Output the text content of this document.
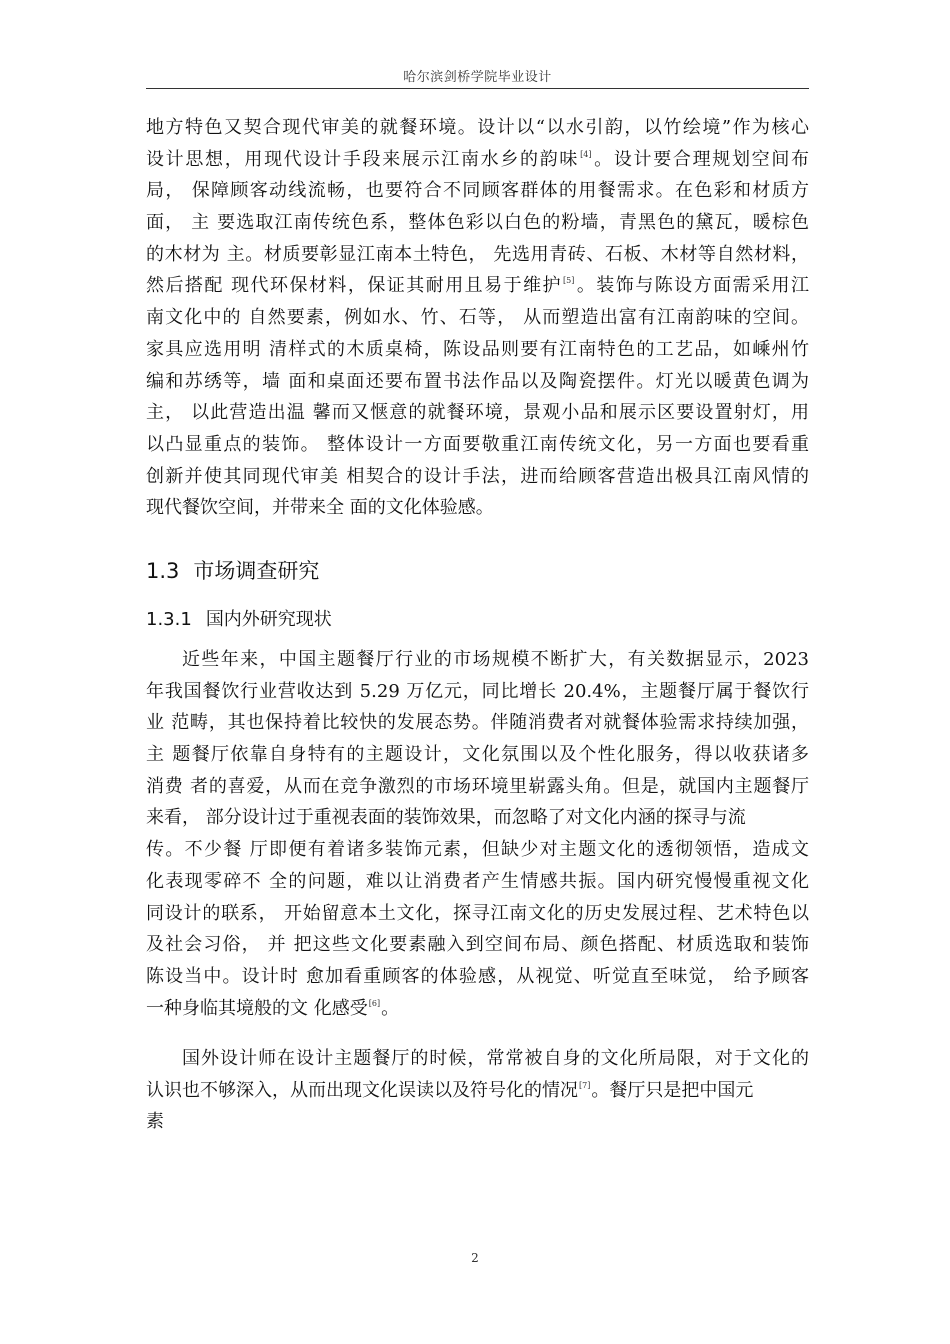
哈尔滨剑桥学院毕业设计
地方特色又契合现代审美的就餐环境。设计以“以水引韵，以竹绘境”作为核心
设计思想，用现代设计手段来展示江南水乡的韵味[4]。设计要合理规划空间布
局， 保障顾客动线流畅，也要符合不同顾客群体的用餐需求。在色彩和材质方
面， 主 要选取江南传统色系，整体色彩以白色的粉墙，青黑色的黛瓦，暖棕色
的木材为 主。材质要彰显江南本土特色， 先选用青砖、石板、木材等自然材料，
然后搭配 现代环保材料，保证其耐用且易于维护[5]。装饰与陈设方面需采用江
南文化中的 自然要素，例如水、竹、石等， 从而塑造出富有江南韵味的空间。
家具应选用明 清样式的木质桌椅，陈设品则要有江南特色的工艺品，如嵊州竹
编和苏绣等，墙 面和桌面还要布置书法作品以及陶瓷摆件。灯光以暖黄色调为
主， 以此营造出温 馨而又惬意的就餐环境，景观小品和展示区要设置射灯，用
以凸显重点的装饰。 整体设计一方面要敬重江南传统文化，另一方面也要看重
创新并使其同现代审美 相契合的设计手法，进而给顾客营造出极具江南风情的
现代餐饮空间，并带来全 面的文化体验感。
1.3 市场调查研究
1.3.1 国内外研究现状
近些年来，中国主题餐厅行业的市场规模不断扩大，有关数据显示，2023
年我国餐饮行业营收达到 5.29 万亿元，同比增长 20.4%，主题餐厅属于餐饮行
业 范畴，其也保持着比较快的发展态势。伴随消费者对就餐体验需求持续加强，
主 题餐厅依靠自身特有的主题设计，文化氛围以及个性化服务，得以收获诸多
消费 者的喜爱，从而在竞争激烈的市场环境里崭露头角。但是，就国内主题餐厅
来看， 部分设计过于重视表面的装饰效果，而忽略了对文化内涵的探寻与流
传。不少餐 厅即便有着诸多装饰元素，但缺少对主题文化的透彻领悟，造成文
化表现零碎不 全的问题，难以让消费者产生情感共振。国内研究慢慢重视文化
同设计的联系， 开始留意本土文化，探寻江南文化的历史发展过程、艺术特色以
及社会习俗， 并 把这些文化要素融入到空间布局、颜色搭配、材质选取和装饰
陈设当中。设计时 愈加看重顾客的体验感，从视觉、听觉直至味觉， 给予顾客
一种身临其境般的文 化感受[6]。
国外设计师在设计主题餐厅的时候，常常被自身的文化所局限，对于文化的
认识也不够深入，从而出现文化误读以及符号化的情况[7]。餐厅只是把中国元
素
2
